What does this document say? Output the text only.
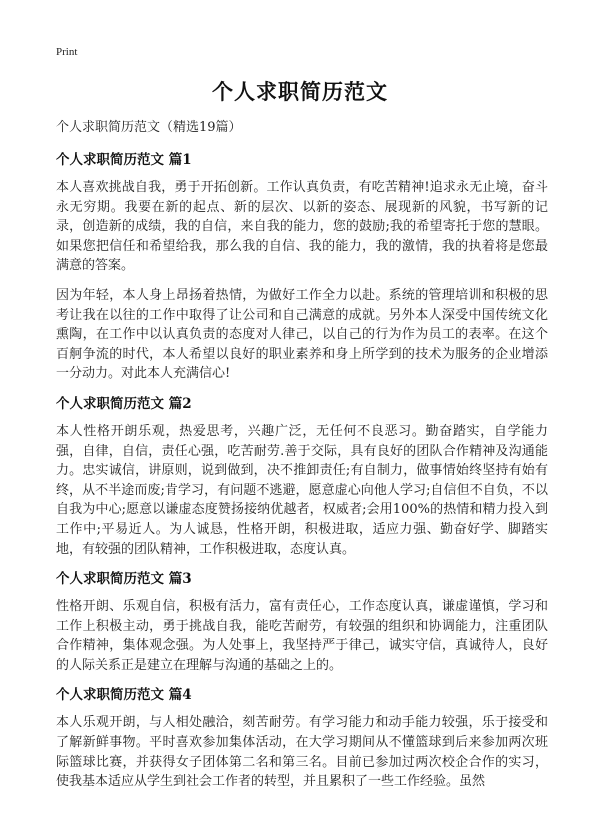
Print
个人求职简历范文
个人求职简历范文（精选19篇）
个人求职简历范文 篇1

本人喜欢挑战自我，勇于开拓创新。工作认真负责，有吃苦精神!追求永无止境，奋斗永无穷期。我要在新的起点、新的层次、以新的姿态、展现新的风貌，书写新的记录，创造新的成绩，我的自信，来自我的能力，您的鼓励;我的希望寄托于您的慧眼。如果您把信任和希望给我，那么我的自信、我的能力，我的激情，我的执着将是您最满意的答案。

因为年轻，本人身上昂扬着热情，为做好工作全力以赴。系统的管理培训和积极的思考让我在以往的工作中取得了让公司和自己满意的成就。另外本人深受中国传统文化熏陶，在工作中以认真负责的态度对人律己，以自己的行为作为员工的表率。在这个百舸争流的时代，本人希望以良好的职业素养和身上所学到的技术为服务的企业增添一分动力。对此本人充满信心!

个人求职简历范文 篇2

本人性格开朗乐观，热爱思考，兴趣广泛，无任何不良恶习。勤奋踏实，自学能力强，自律，自信，责任心强，吃苦耐劳.善于交际，具有良好的团队合作精神及沟通能力。忠实诚信，讲原则，说到做到，决不推卸责任;有自制力，做事情始终坚持有始有终，从不半途而废;肯学习，有问题不逃避，愿意虚心向他人学习;自信但不自负，不以自我为中心;愿意以谦虚态度赞扬接纳优越者，权威者;会用100%的热情和精力投入到工作中;平易近人。为人诚恳，性格开朗，积极进取，适应力强、勤奋好学、脚踏实地，有较强的团队精神，工作积极进取，态度认真。

个人求职简历范文 篇3

性格开朗、乐观自信，积极有活力，富有责任心，工作态度认真，谦虚谨慎，学习和工作上积极主动，勇于挑战自我，能吃苦耐劳，有较强的组织和协调能力，注重团队合作精神，集体观念强。为人处事上，我坚持严于律己，诚实守信，真诚待人，良好的人际关系正是建立在理解与沟通的基础之上的。

个人求职简历范文 篇4

本人乐观开朗，与人相处融洽，刻苦耐劳。有学习能力和动手能力较强，乐于接受和了解新鲜事物。平时喜欢参加集体活动，在大学习期间从不懂篮球到后来参加两次班际篮球比赛，并获得女子团体第二名和第三名。目前已参加过两次校企合作的实习，使我基本适应从学生到社会工作者的转型，并且累积了一些工作经验。虽然
